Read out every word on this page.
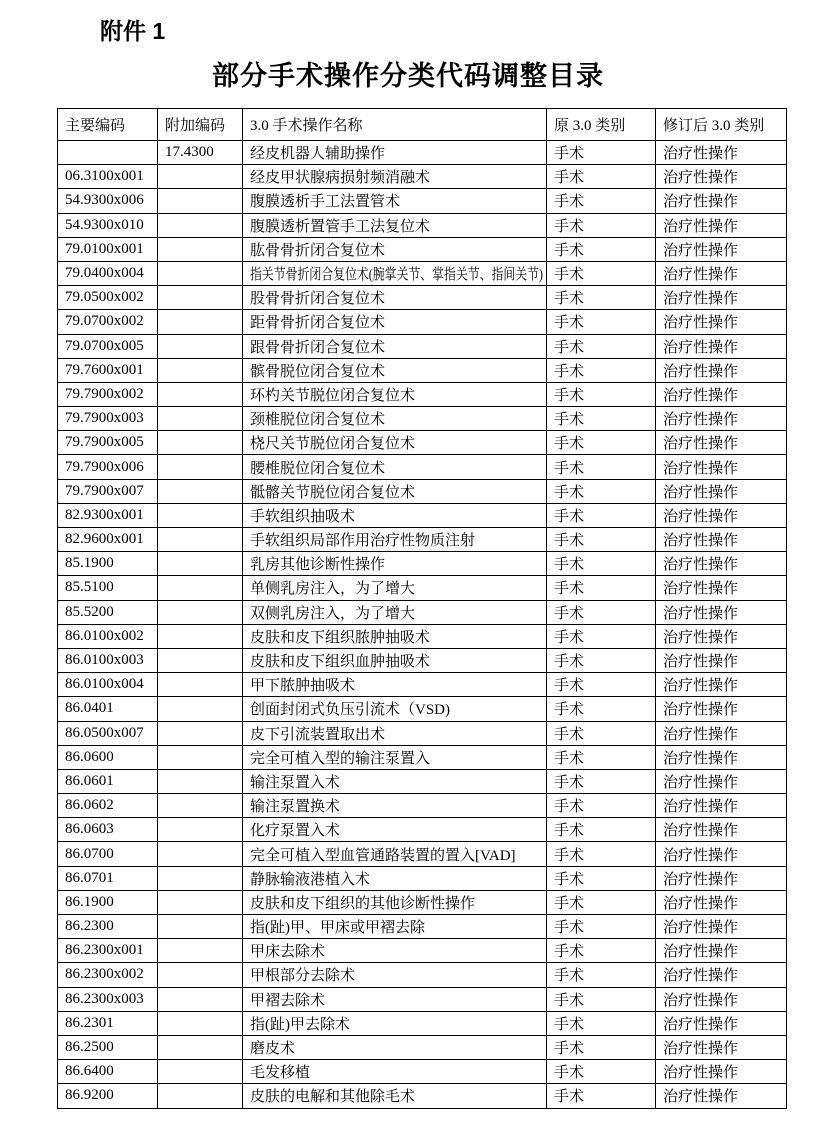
附件 1
部分手术操作分类代码调整目录
主要编码	附加编码	3.0 手术操作名称	原 3.0 类别	修订后 3.0 类别
	17.4300	经皮机器人辅助操作	手术	治疗性操作
06.3100x001		经皮甲状腺病损射频消融术	手术	治疗性操作
54.9300x006		腹膜透析手工法置管术	手术	治疗性操作
54.9300x010		腹膜透析置管手工法复位术	手术	治疗性操作
79.0100x001		肱骨骨折闭合复位术	手术	治疗性操作
79.0400x004		指关节骨折闭合复位术(腕掌关节、掌指关节、指间关节)	手术	治疗性操作
79.0500x002		股骨骨折闭合复位术	手术	治疗性操作
79.0700x002		距骨骨折闭合复位术	手术	治疗性操作
79.0700x005		跟骨骨折闭合复位术	手术	治疗性操作
79.7600x001		髌骨脱位闭合复位术	手术	治疗性操作
79.7900x002		环杓关节脱位闭合复位术	手术	治疗性操作
79.7900x003		颈椎脱位闭合复位术	手术	治疗性操作
79.7900x005		桡尺关节脱位闭合复位术	手术	治疗性操作
79.7900x006		腰椎脱位闭合复位术	手术	治疗性操作
79.7900x007		骶髂关节脱位闭合复位术	手术	治疗性操作
82.9300x001		手软组织抽吸术	手术	治疗性操作
82.9600x001		手软组织局部作用治疗性物质注射	手术	治疗性操作
85.1900		乳房其他诊断性操作	手术	治疗性操作
85.5100		单侧乳房注入，为了增大	手术	治疗性操作
85.5200		双侧乳房注入，为了增大	手术	治疗性操作
86.0100x002		皮肤和皮下组织脓肿抽吸术	手术	治疗性操作
86.0100x003		皮肤和皮下组织血肿抽吸术	手术	治疗性操作
86.0100x004		甲下脓肿抽吸术	手术	治疗性操作
86.0401		创面封闭式负压引流术（VSD)	手术	治疗性操作
86.0500x007		皮下引流装置取出术	手术	治疗性操作
86.0600		完全可植入型的输注泵置入	手术	治疗性操作
86.0601		输注泵置入术	手术	治疗性操作
86.0602		输注泵置换术	手术	治疗性操作
86.0603		化疗泵置入术	手术	治疗性操作
86.0700		完全可植入型血管通路装置的置入[VAD]	手术	治疗性操作
86.0701		静脉输液港植入术	手术	治疗性操作
86.1900		皮肤和皮下组织的其他诊断性操作	手术	治疗性操作
86.2300		指(趾)甲、甲床或甲褶去除	手术	治疗性操作
86.2300x001		甲床去除术	手术	治疗性操作
86.2300x002		甲根部分去除术	手术	治疗性操作
86.2300x003		甲褶去除术	手术	治疗性操作
86.2301		指(趾)甲去除术	手术	治疗性操作
86.2500		磨皮术	手术	治疗性操作
86.6400		毛发移植	手术	治疗性操作
86.9200		皮肤的电解和其他除毛术	手术	治疗性操作
